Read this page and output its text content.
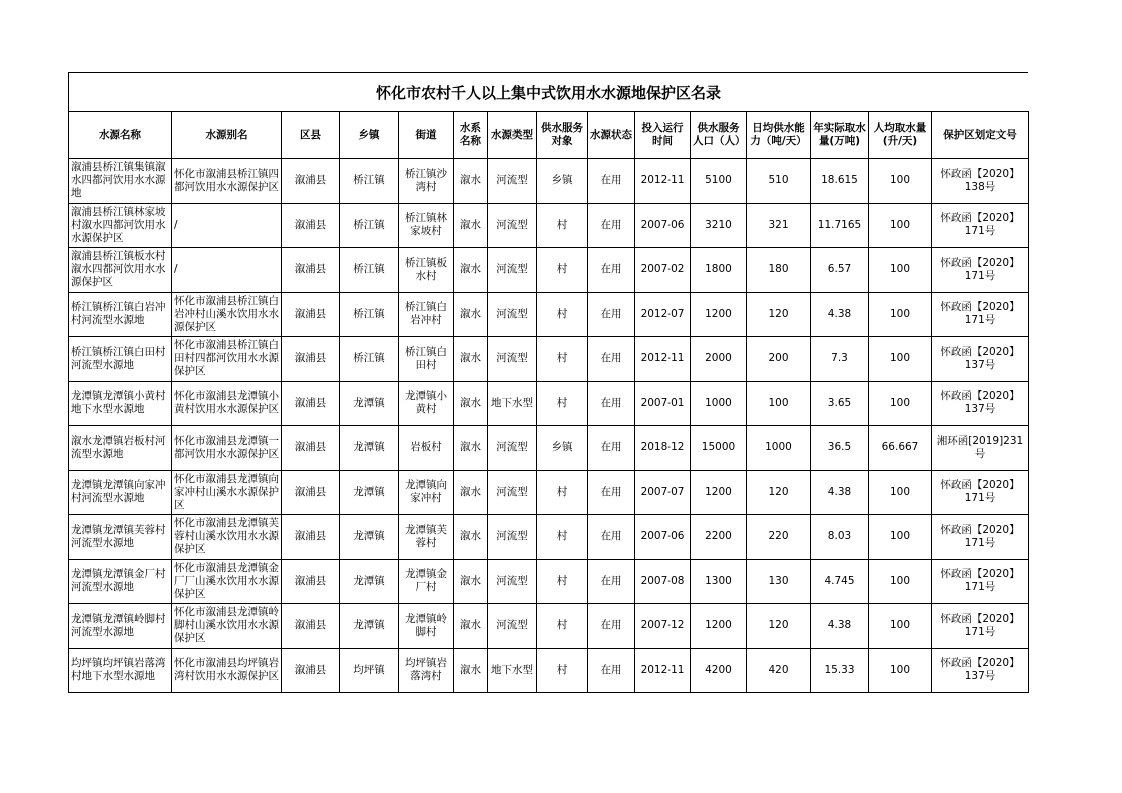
怀化市农村千人以上集中式饮用水水源地保护区名录
水源名称	水源别名	区县	乡镇	街道	水系名称	水源类型	供水服务对象	水源状态	投入运行时间	供水服务人口（人）	日均供水能力（吨/天）	年实际取水量(万吨)	人均取水量(升/天)	保护区划定文号
溆浦县桥江镇集镇溆水四都河饮用水水源地	怀化市溆浦县桥江镇四都河饮用水水源保护区	溆浦县	桥江镇	桥江镇沙湾村	溆水	河流型	乡镇	在用	2012-11	5100	510	18.615	100	怀政函【2020】138号
溆浦县桥江镇林家坡村溆水四都河饮用水水源保护区	/	溆浦县	桥江镇	桥江镇林家坡村	溆水	河流型	村	在用	2007-06	3210	321	11.7165	100	怀政函【2020】171号
溆浦县桥江镇板水村溆水四都河饮用水水源保护区	/	溆浦县	桥江镇	桥江镇板水村	溆水	河流型	村	在用	2007-02	1800	180	6.57	100	怀政函【2020】171号
桥江镇桥江镇白岩冲村河流型水源地	怀化市溆浦县桥江镇白岩冲村山溪水饮用水水源保护区	溆浦县	桥江镇	桥江镇白岩冲村	溆水	河流型	村	在用	2012-07	1200	120	4.38	100	怀政函【2020】171号
桥江镇桥江镇白田村河流型水源地	怀化市溆浦县桥江镇白田村四都河饮用水水源保护区	溆浦县	桥江镇	桥江镇白田村	溆水	河流型	村	在用	2012-11	2000	200	7.3	100	怀政函【2020】137号
龙潭镇龙潭镇小黄村地下水型水源地	怀化市溆浦县龙潭镇小黄村饮用水水源保护区	溆浦县	龙潭镇	龙潭镇小黄村	溆水	地下水型	村	在用	2007-01	1000	100	3.65	100	怀政函【2020】137号
溆水龙潭镇岩板村河流型水源地	怀化市溆浦县龙潭镇一都河饮用水水源保护区	溆浦县	龙潭镇	岩板村	溆水	河流型	乡镇	在用	2018-12	15000	1000	36.5	66.667	湘环函[2019]231号
龙潭镇龙潭镇向家冲村河流型水源地	怀化市溆浦县龙潭镇向家冲村山溪水水源保护区	溆浦县	龙潭镇	龙潭镇向家冲村	溆水	河流型	村	在用	2007-07	1200	120	4.38	100	怀政函【2020】171号
龙潭镇龙潭镇芙蓉村河流型水源地	怀化市溆浦县龙潭镇芙蓉村山溪水饮用水水源保护区	溆浦县	龙潭镇	龙潭镇芙蓉村	溆水	河流型	村	在用	2007-06	2200	220	8.03	100	怀政函【2020】171号
龙潭镇龙潭镇金厂村河流型水源地	怀化市溆浦县龙潭镇金厂厂山溪水饮用水水源保护区	溆浦县	龙潭镇	龙潭镇金厂村	溆水	河流型	村	在用	2007-08	1300	130	4.745	100	怀政函【2020】171号
龙潭镇龙潭镇岭脚村河流型水源地	怀化市溆浦县龙潭镇岭脚村山溪水饮用水水源保护区	溆浦县	龙潭镇	龙潭镇岭脚村	溆水	河流型	村	在用	2007-12	1200	120	4.38	100	怀政函【2020】171号
均坪镇均坪镇岩落湾村地下水型水源地	怀化市溆浦县均坪镇岩湾村饮用水水源保护区	溆浦县	均坪镇	均坪镇岩落湾村	溆水	地下水型	村	在用	2012-11	4200	420	15.33	100	怀政函【2020】137号
